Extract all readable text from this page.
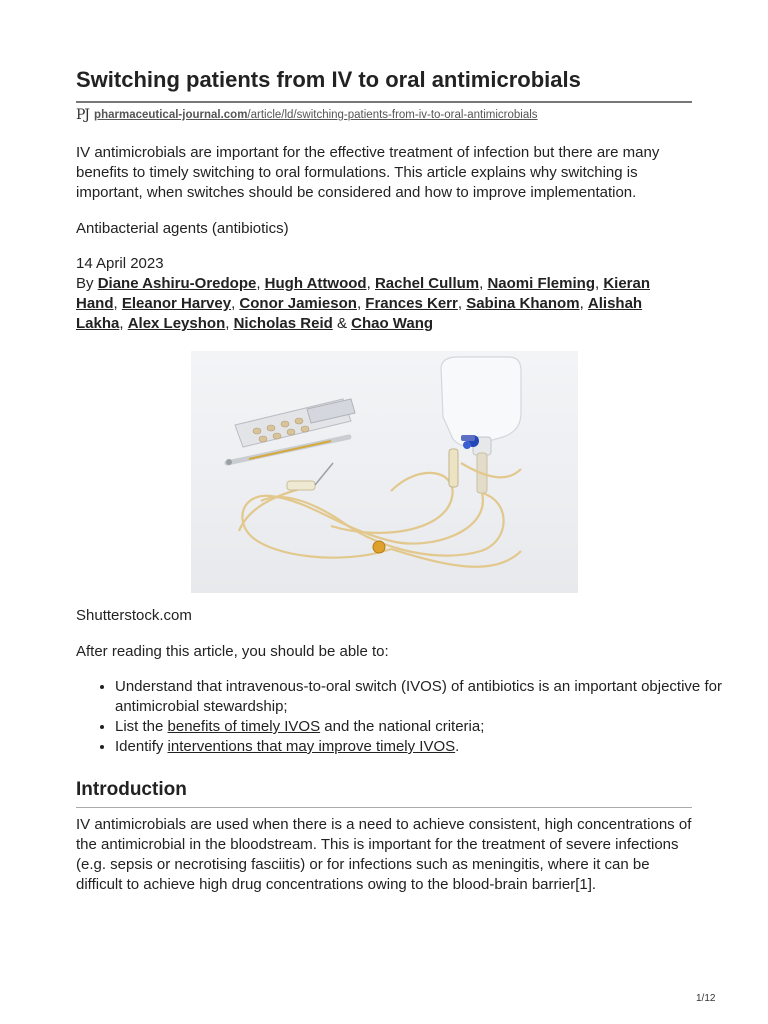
Switching patients from IV to oral antimicrobials
PJ pharmaceutical-journal.com/article/ld/switching-patients-from-iv-to-oral-antimicrobials

IV antimicrobials are important for the effective treatment of infection but there are many benefits to timely switching to oral formulations. This article explains why switching is important, when switches should be considered and how to improve implementation.

Antibacterial agents (antibiotics)

14 April 2023

By Diane Ashiru-Oredope, Hugh Attwood, Rachel Cullum, Naomi Fleming, Kieran Hand, Eleanor Harvey, Conor Jamieson, Frances Kerr, Sabina Khanom, Alishah Lakha, Alex Leyshon, Nicholas Reid & Chao Wang

Shutterstock.com

After reading this article, you should be able to:

• Understand that intravenous-to-oral switch (IVOS) of antibiotics is an important objective for antimicrobial stewardship;
• List the benefits of timely IVOS and the national criteria;
• Identify interventions that may improve timely IVOS.
Introduction

IV antimicrobials are used when there is a need to achieve consistent, high concentrations of the antimicrobial in the bloodstream. This is important for the treatment of severe infections (e.g. sepsis or necrotising fasciitis) or for infections such as meningitis, where it can be difficult to achieve high drug concentrations owing to the blood-brain barrier[1].

1/12
